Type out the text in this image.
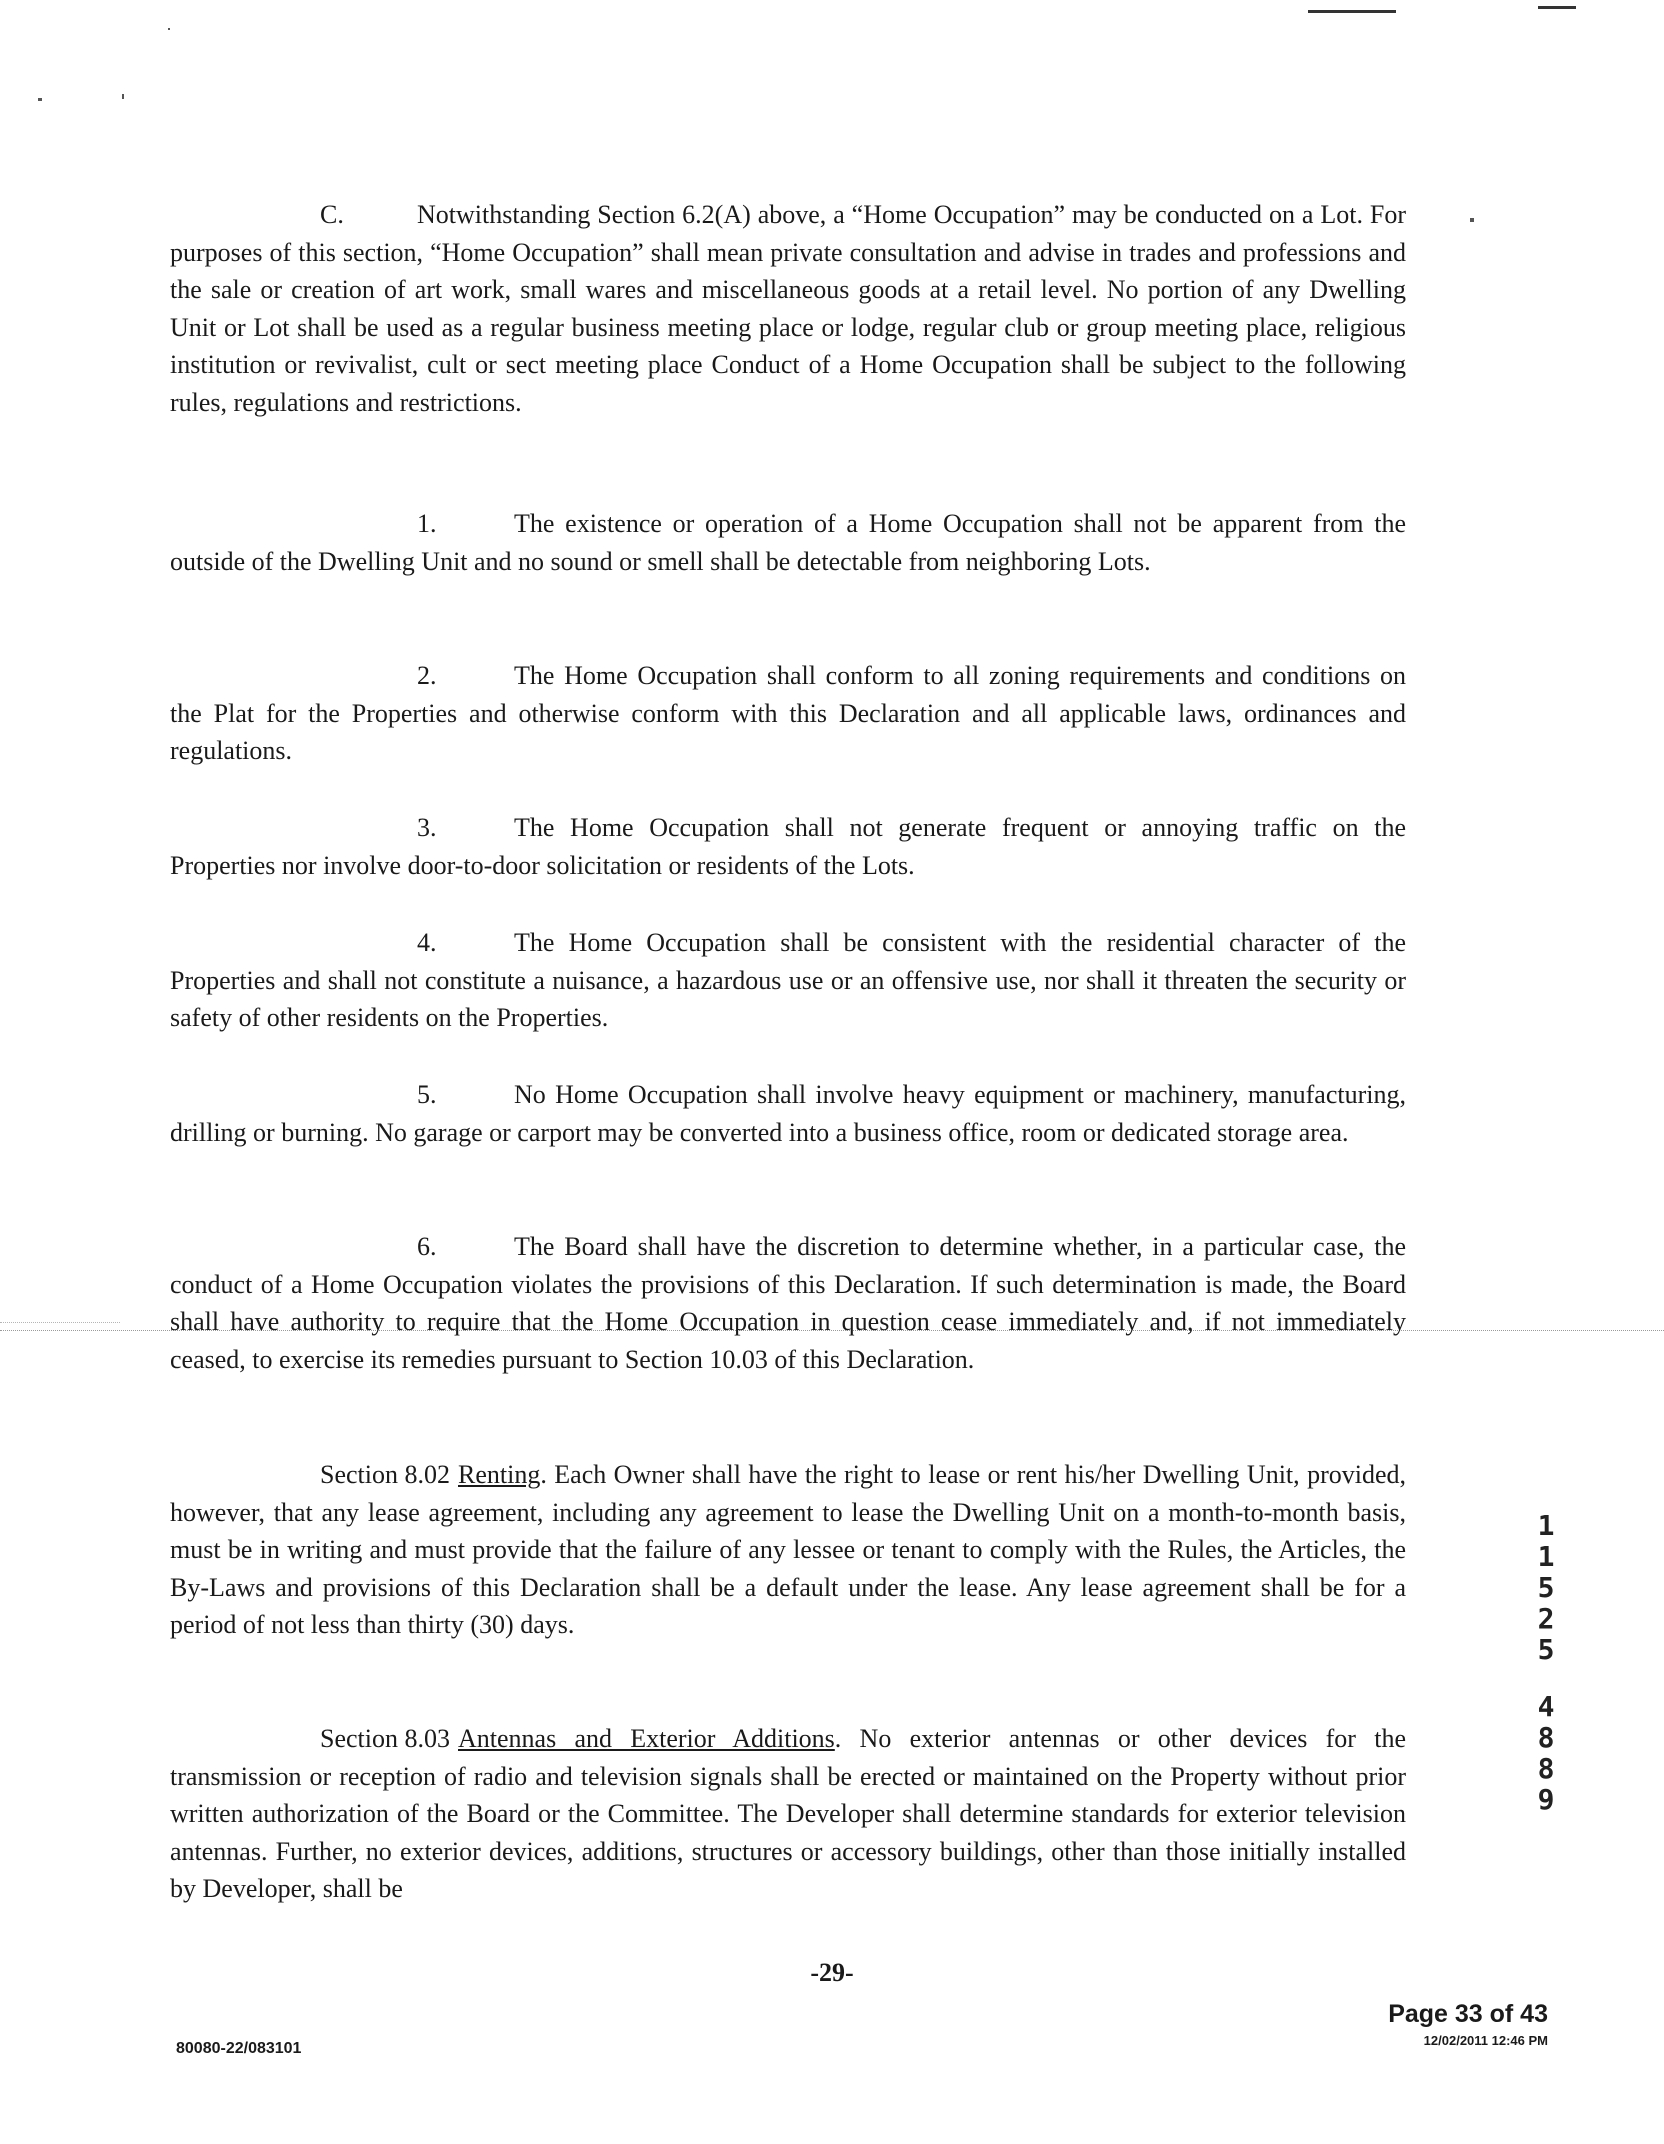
C.	Notwithstanding Section 6.2(A) above, a “Home Occupation” may be conducted on a Lot. For purposes of this section, “Home Occupation” shall mean private consultation and advise in trades and professions and the sale or creation of art work, small wares and miscellaneous goods at a retail level. No portion of any Dwelling Unit or Lot shall be used as a regular business meeting place or lodge, regular club or group meeting place, religious institution or revivalist, cult or sect meeting place Conduct of a Home Occupation shall be subject to the following rules, regulations and restrictions.

1.	The existence or operation of a Home Occupation shall not be apparent from the outside of the Dwelling Unit and no sound or smell shall be detectable from neighboring Lots.

2.	The Home Occupation shall conform to all zoning requirements and conditions on the Plat for the Properties and otherwise conform with this Declaration and all applicable laws, ordinances and regulations.

3.	The Home Occupation shall not generate frequent or annoying traffic on the Properties nor involve door-to-door solicitation or residents of the Lots.

4.	The Home Occupation shall be consistent with the residential character of the Properties and shall not constitute a nuisance, a hazardous use or an offensive use, nor shall it threaten the security or safety of other residents on the Properties.

5.	No Home Occupation shall involve heavy equipment or machinery, manufacturing, drilling or burning. No garage or carport may be converted into a business office, room or dedicated storage area.

6.	The Board shall have the discretion to determine whether, in a particular case, the conduct of a Home Occupation violates the provisions of this Declaration. If such determination is made, the Board shall have authority to require that the Home Occupation in question cease immediately and, if not immediately ceased, to exercise its remedies pursuant to Section 10.03 of this Declaration.

Section 8.02 Renting. Each Owner shall have the right to lease or rent his/her Dwelling Unit, provided, however, that any lease agreement, including any agreement to lease the Dwelling Unit on a month-to-month basis, must be in writing and must provide that the failure of any lessee or tenant to comply with the Rules, the Articles, the By-Laws and provisions of this Declaration shall be a default under the lease. Any lease agreement shall be for a period of not less than thirty (30) days.

Section 8.03 Antennas and Exterior Additions. No exterior antennas or other devices for the transmission or reception of radio and television signals shall be erected or maintained on the Property without prior written authorization of the Board or the Committee. The Developer shall determine standards for exterior television antennas. Further, no exterior devices, additions, structures or accessory buildings, other than those initially installed by Developer, shall be

-29-
80080-22/083101
Page 33 of 43
12/02/2011 12:46 PM
1
1
5
2
5
4
8
8
9
